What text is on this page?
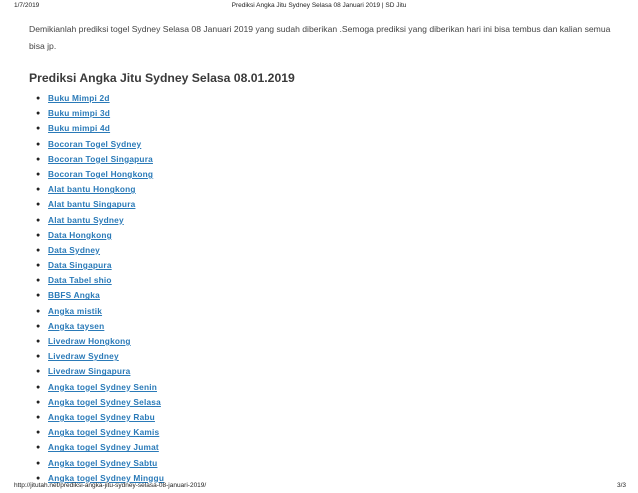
1/7/2019	Prediksi Angka Jitu Sydney Selasa 08 Januari 2019 | SD Jitu

Demikianlah prediksi togel Sydney Selasa 08 Januari 2019 yang sudah diberikan .Semoga prediksi yang diberikan hari ini bisa tembus dan kalian semua bisa jp.

Prediksi Angka Jitu Sydney Selasa 08.01.2019
● Buku Mimpi 2d
● Buku mimpi 3d
● Buku mimpi 4d
● Bocoran Togel Sydney
● Bocoran Togel Singapura
● Bocoran Togel Hongkong
● Alat bantu Hongkong
● Alat bantu Singapura
● Alat bantu Sydney
● Data Hongkong
● Data Sydney
● Data Singapura
● Data Tabel shio
● BBFS Angka
● Angka mistik
● Angka taysen
● Livedraw Hongkong
● Livedraw Sydney
● Livedraw Singapura
● Angka togel Sydney Senin
● Angka togel Sydney Selasa
● Angka togel Sydney Rabu
● Angka togel Sydney Kamis
● Angka togel Sydney Jumat
● Angka togel Sydney Sabtu
● Angka togel Sydney Minggu
http://jitutah.net/prediksi-angka-jitu-sydney-selasa-08-januari-2019/	3/3
